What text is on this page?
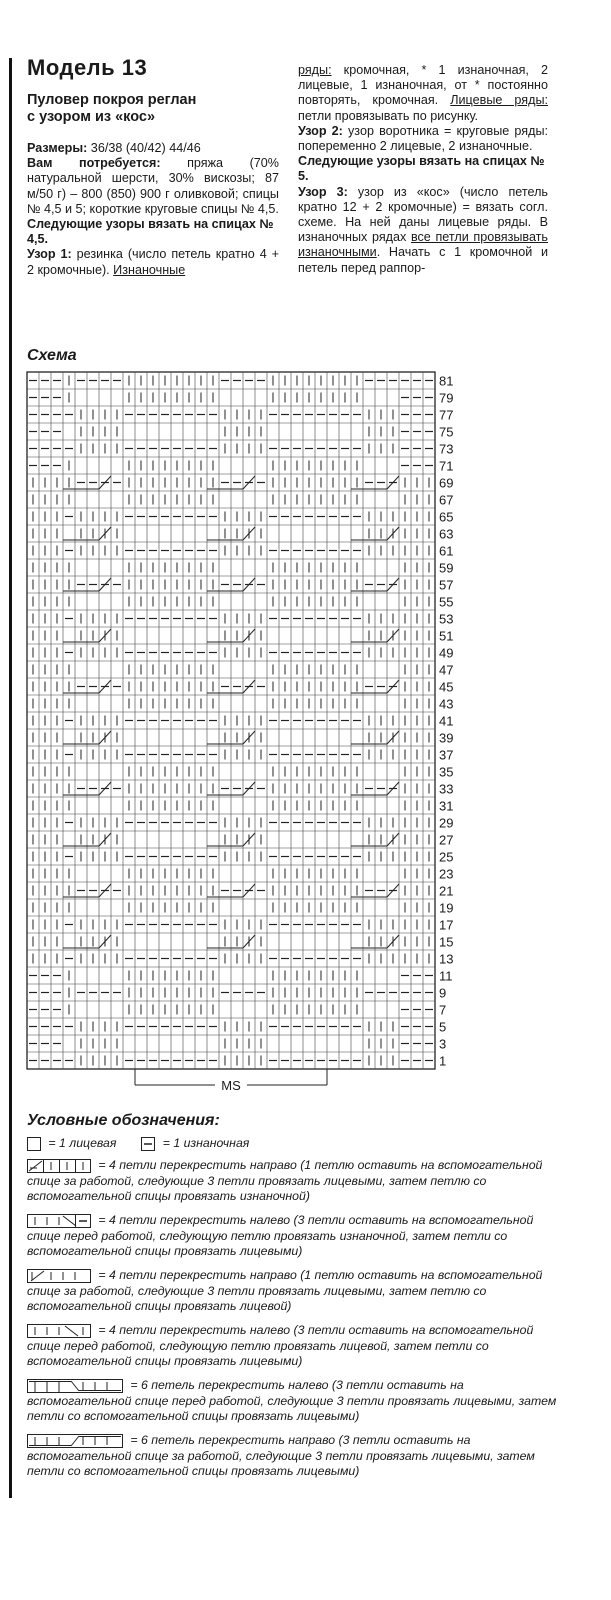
Модель 13
Пуловер покроя реглан
с узором из «кос»

Размеры: 36/38 (40/42) 44/46

Вам потребуется: пряжа (70% натуральной шерсти, 30% вискозы; 87 м/50 г) – 800 (850) 900 г оливковой; спицы № 4,5 и 5; короткие круговые спицы № 4,5.

Следующие узоры вязать на спицах № 4,5.

Узор 1: резинка (число петель кратно 4 + 2 кромочные). Изнаночные

ряды: кромочная, * 1 изнаночная, 2 лицевые, 1 изнаночная, от * постоянно повторять, кромочная. Лицевые ряды: петли провязывать по рисунку.

Узор 2: узор воротника = круговые ряды: попеременно 2 лицевые, 2 изнаночные.

Следующие узоры вязать на спицах № 5.

Узор 3: узор из «кос» (число петель кратно 12 + 2 кромочные) = вязать согл. схеме. На ней даны лицевые ряды. В изнаночных рядах все петли провязывать изнаночными. Начать с 1 кромочной и петель перед раппор-

Схема
81
79
77
75
73
71
69
67
65
63
61
59
57
55
53
51
49
47
45
43
41
39
37
35
33
31
29
27
25
23
21
19
17
15
13
11
9
7
5
3
1
MS
Условные обозначения:
= 1 лицевая	= 1 изнаночная
= 4 петли перекрестить направо (1 петлю оставить на вспомогательной спице за работой, следующие 3 петли провязать лицевыми, затем петлю со вспомогательной спицы провязать изнаночной)
= 4 петли перекрестить налево (3 петли оставить на вспомогательной спице перед работой, следующую петлю провязать изнаночной, затем петли со вспомогательной спицы провязать лицевыми)
= 4 петли перекрестить направо (1 петлю оставить на вспомогательной спице за работой, следующие 3 петли провязать лицевыми, затем петлю со вспомогательной спицы провязать лицевой)
= 4 петли перекрестить налево (3 петли оставить на вспомогательной спице перед работой, следующую петлю провязать лицевой, затем петли со вспомогательной спицы провязать лицевыми)
= 6 петель перекрестить налево (3 петли оставить на вспомогательной спице перед работой, следующие 3 петли провязать лицевыми, затем петли со вспомогательной спицы провязать лицевыми)
= 6 петель перекрестить направо (3 петли оставить на вспомогательной спице за работой, следующие 3 петли провязать лицевыми, затем петли со вспомогательной спицы провязать лицевыми)
